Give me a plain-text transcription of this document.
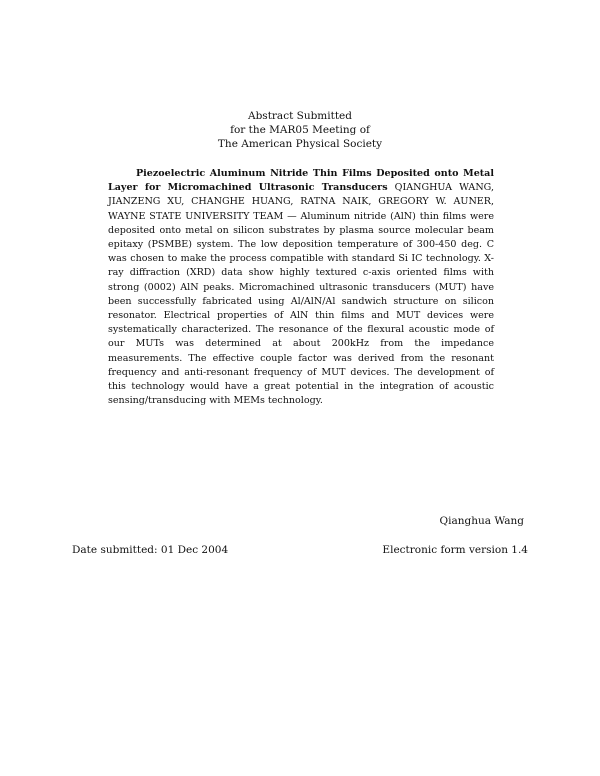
Abstract Submitted
for the MAR05 Meeting of
The American Physical Society

Piezoelectric Aluminum Nitride Thin Films Deposited onto Metal Layer for Micromachined Ultrasonic Transducers QIANGHUA WANG, JIANZENG XU, CHANGHE HUANG, RATNA NAIK, GREGORY W. AUNER, WAYNE STATE UNIVERSITY TEAM — Aluminum nitride (AlN) thin films were deposited onto metal on silicon substrates by plasma source molecular beam epitaxy (PSMBE) system. The low deposition temperature of 300-450 deg. C was chosen to make the process compatible with standard Si IC technology. X-ray diffraction (XRD) data show highly textured c-axis oriented films with strong (0002) AlN peaks. Micromachined ultrasonic transducers (MUT) have been successfully fabricated using Al/AlN/Al sandwich structure on silicon resonator. Electrical properties of AlN thin films and MUT devices were systematically characterized. The resonance of the flexural acoustic mode of our MUTs was determined at about 200kHz from the impedance measurements. The effective couple factor was derived from the resonant frequency and anti-resonant frequency of MUT devices. The development of this technology would have a great potential in the integration of acoustic sensing/transducing with MEMs technology.

Qianghua Wang
Date submitted: 01 Dec 2004	Electronic form version 1.4
